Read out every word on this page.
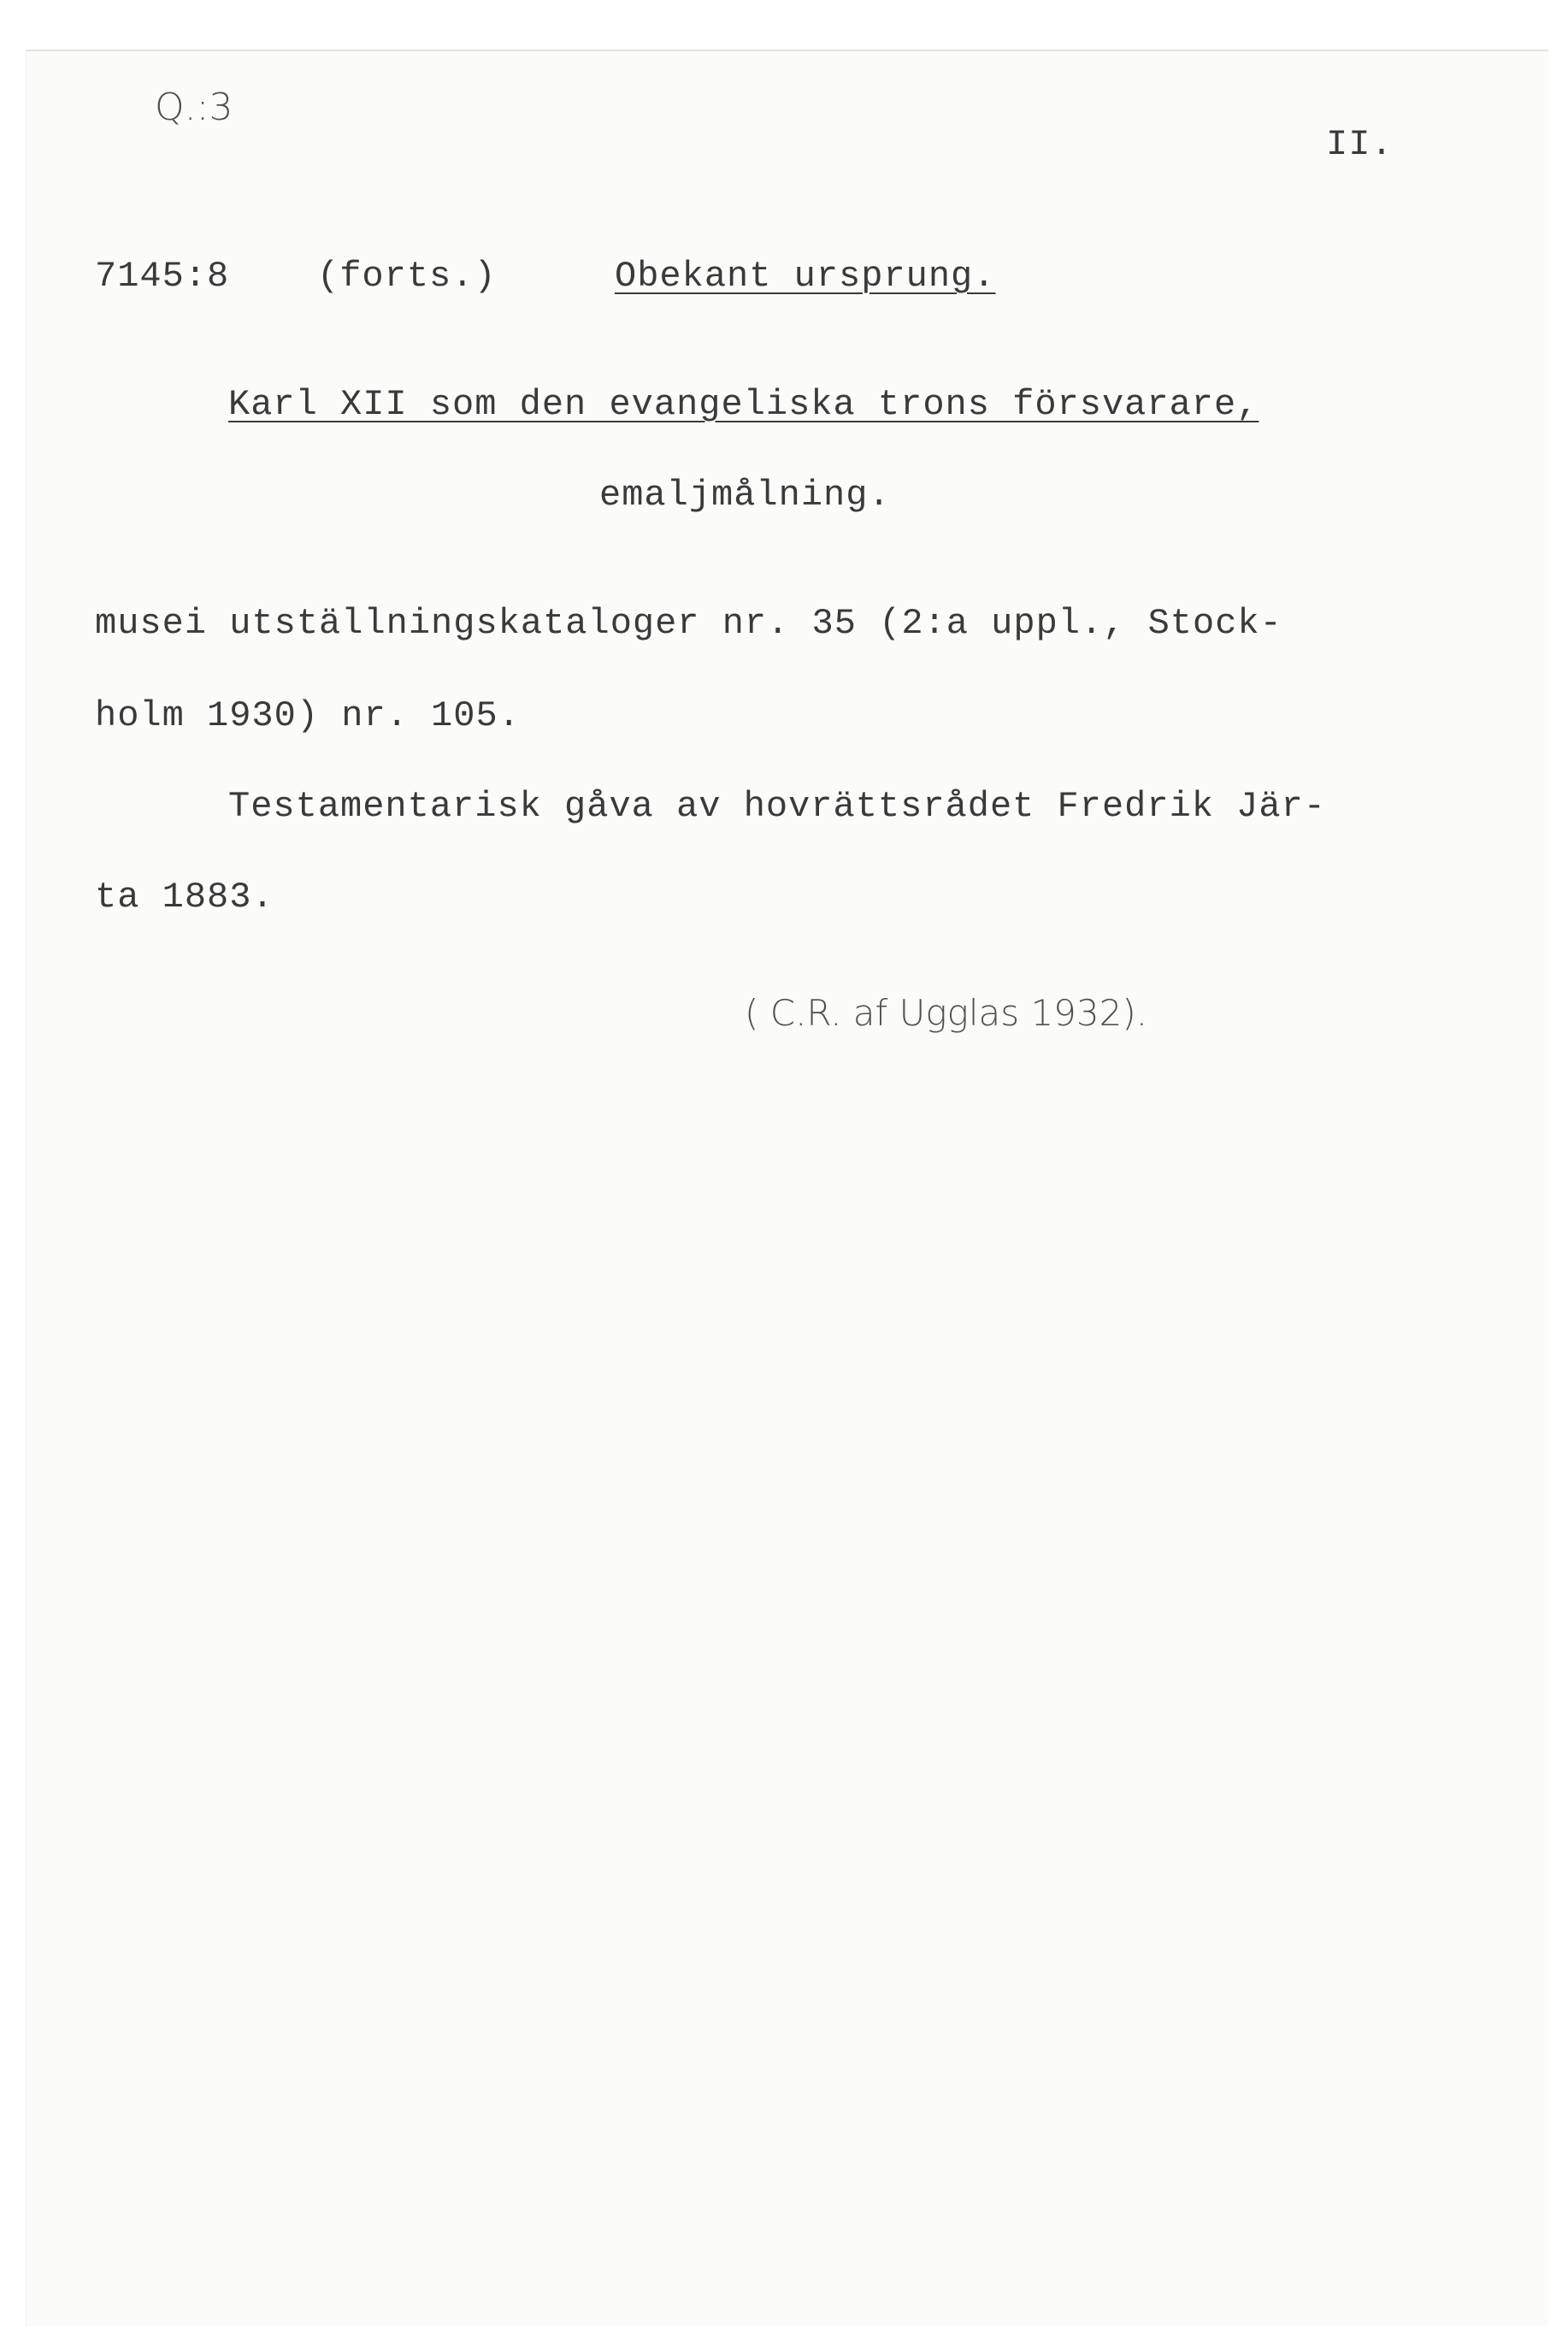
Q.:3
II.
7145:8 (forts.)	Obekant ursprung.
Karl XII som den evangeliska trons försvarare,
emaljmålning.
musei utställningskataloger nr. 35 (2:a uppl., Stock-
holm 1930) nr. 105.
Testamentarisk gåva av hovrättsrådet Fredrik Jär-
ta 1883.
( C.R. af Ugglas 1932).
